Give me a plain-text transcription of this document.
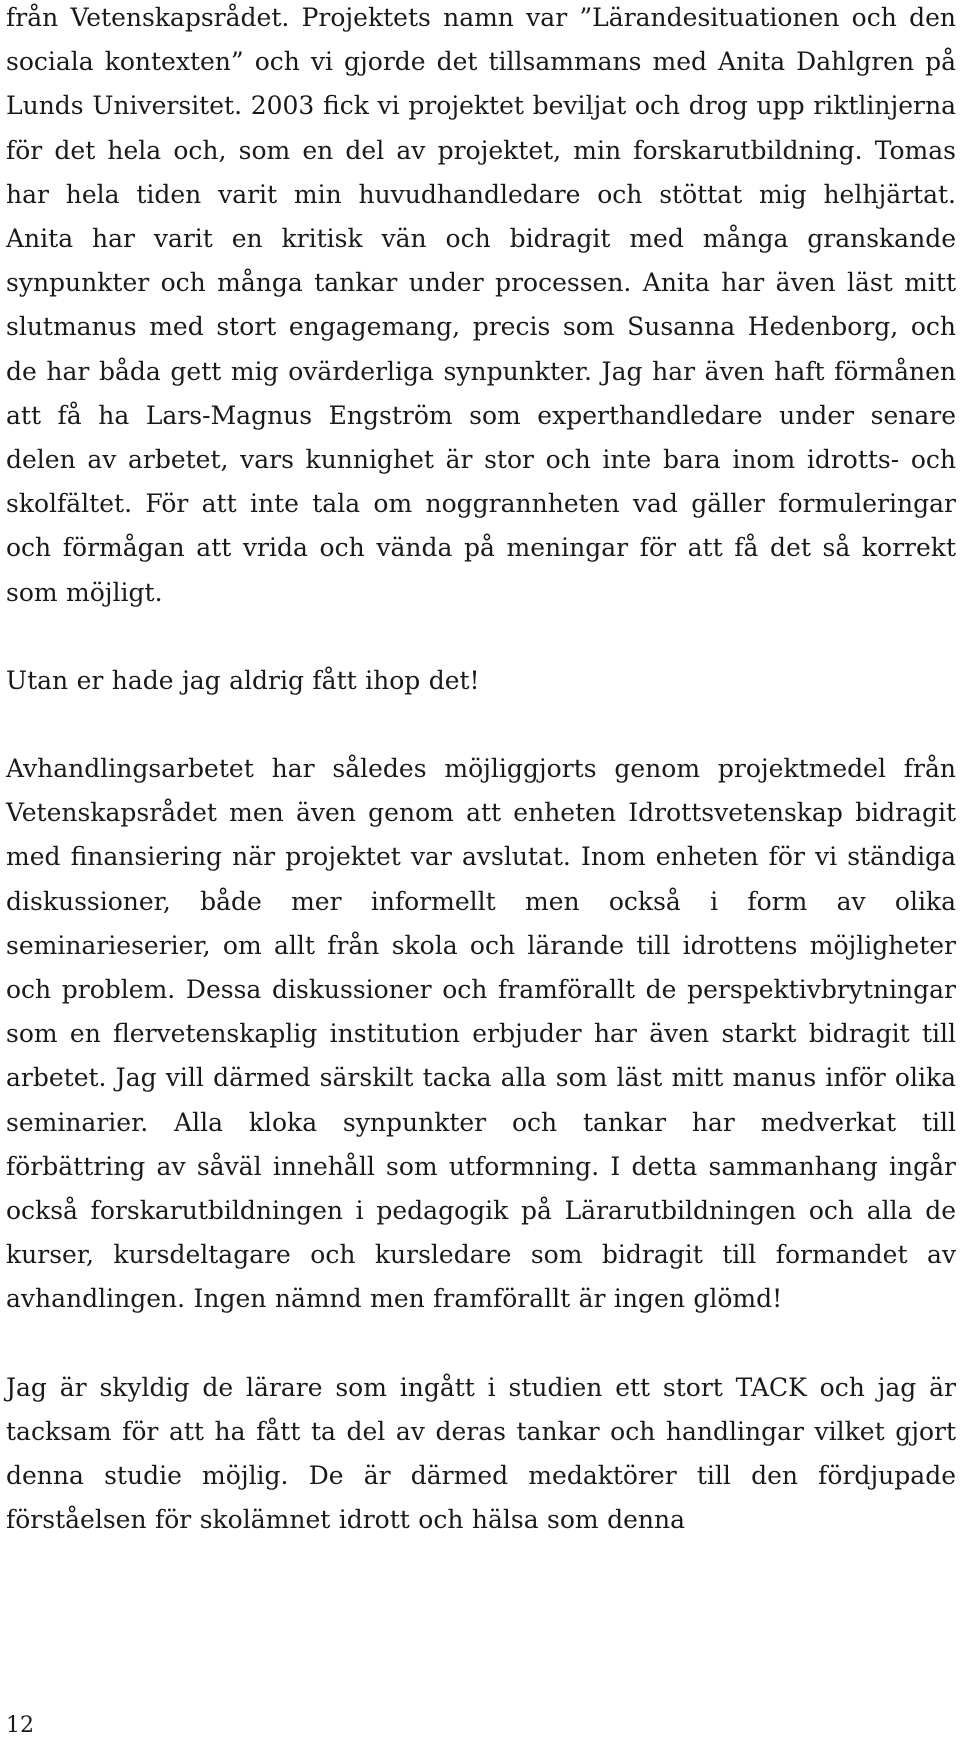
från Vetenskapsrådet. Projektets namn var ”Lärandesituationen och den sociala kontexten” och vi gjorde det tillsammans med Anita Dahlgren på Lunds Universitet. 2003 fick vi projektet beviljat och drog upp riktlinjerna för det hela och, som en del av projektet, min forskarutbildning. Tomas har hela tiden varit min huvudhandledare och stöttat mig helhjärtat. Anita har varit en kritisk vän och bidragit med många granskande synpunkter och många tankar under processen. Anita har även läst mitt slutmanus med stort engagemang, precis som Susanna Hedenborg, och de har båda gett mig ovärderliga synpunkter. Jag har även haft förmånen att få ha Lars-Magnus Engström som experthandledare under senare delen av arbetet, vars kunnighet är stor och inte bara inom idrotts- och skolfältet. För att inte tala om noggrannheten vad gäller formuleringar och förmågan att vrida och vända på meningar för att få det så korrekt som möjligt.

Utan er hade jag aldrig fått ihop det!

Avhandlingsarbetet har således möjliggjorts genom projektmedel från Vetenskapsrådet men även genom att enheten Idrottsvetenskap bidragit med finansiering när projektet var avslutat. Inom enheten för vi ständiga diskussioner, både mer informellt men också i form av olika seminarieserier, om allt från skola och lärande till idrottens möjligheter och problem. Dessa diskussioner och framförallt de perspektivbrytningar som en flervetenskaplig institution erbjuder har även starkt bidragit till arbetet. Jag vill därmed särskilt tacka alla som läst mitt manus inför olika seminarier. Alla kloka synpunkter och tankar har medverkat till förbättring av såväl innehåll som utformning. I detta sammanhang ingår också forskarutbildningen i pedagogik på Lärarutbildningen och alla de kurser, kursdeltagare och kursledare som bidragit till formandet av avhandlingen. Ingen nämnd men framförallt är ingen glömd!

Jag är skyldig de lärare som ingått i studien ett stort TACK och jag är tacksam för att ha fått ta del av deras tankar och handlingar vilket gjort denna studie möjlig. De är därmed medaktörer till den fördjupade förståelsen för skolämnet idrott och hälsa som denna

12
